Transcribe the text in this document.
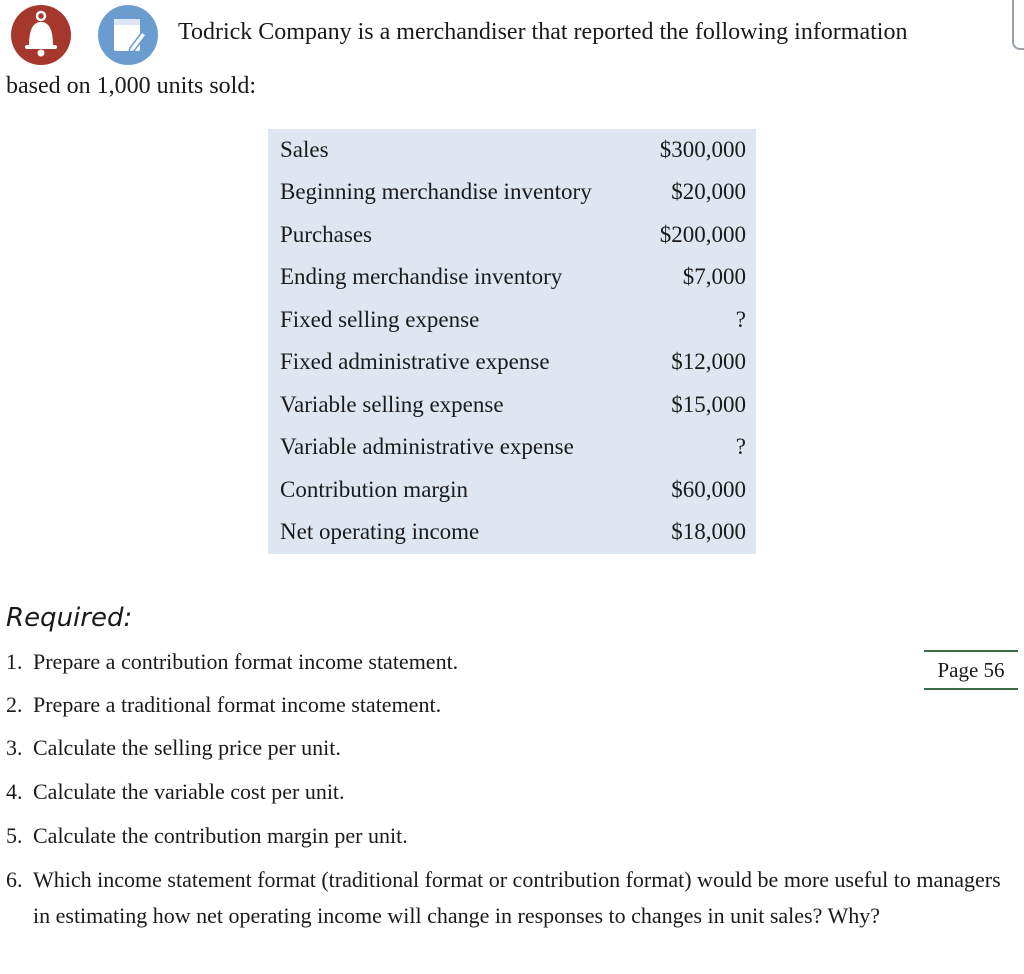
Todrick Company is a merchandiser that reported the following information
based on 1,000 units sold:
Sales	$300,000
Beginning merchandise inventory	$20,000
Purchases	$200,000
Ending merchandise inventory	$7,000
Fixed selling expense	?
Fixed administrative expense	$12,000
Variable selling expense	$15,000
Variable administrative expense	?
Contribution margin	$60,000
Net operating income	$18,000
Required:
1. Prepare a contribution format income statement.
2. Prepare a traditional format income statement.
3. Calculate the selling price per unit.
4. Calculate the variable cost per unit.
5. Calculate the contribution margin per unit.
6. Which income statement format (traditional format or contribution format) would be more useful to managers in estimating how net operating income will change in responses to changes in unit sales? Why?
Page 56
